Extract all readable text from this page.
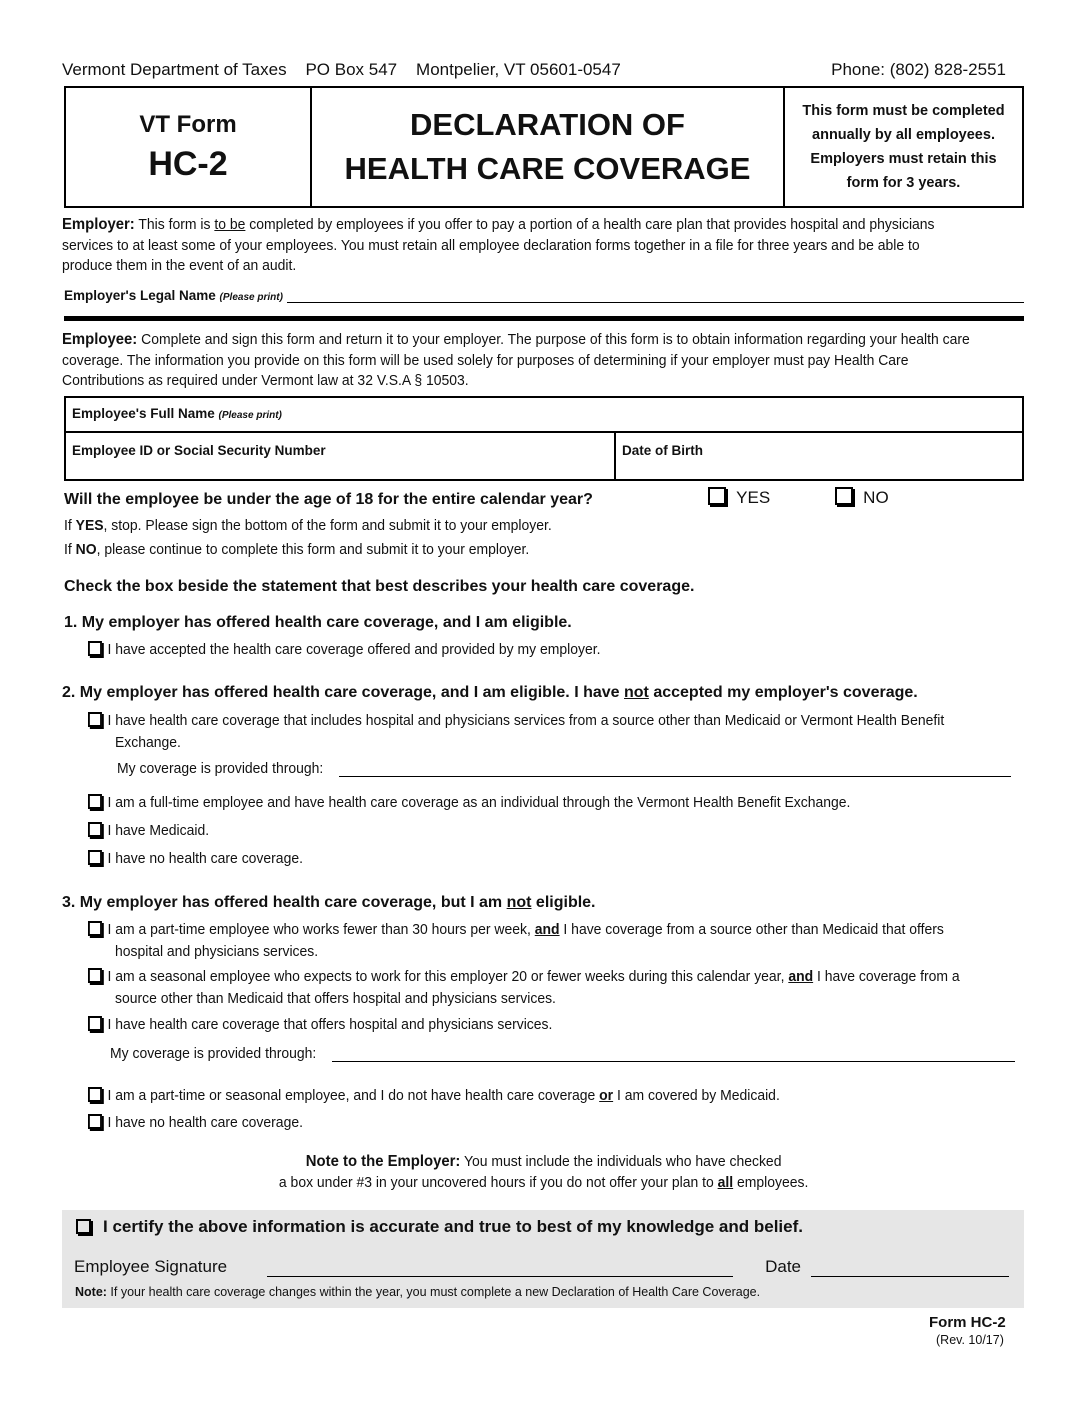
Vermont Department of Taxes    PO Box 547    Montpelier, VT 05601-0547	Phone: (802) 828-2551
VT Form
HC-2
DECLARATION OF
HEALTH CARE COVERAGE
This form must be completed annually by all employees. Employers must retain this form for 3 years.
Employer: This form is to be completed by employees if you offer to pay a portion of a health care plan that provides hospital and physicians services to at least some of your employees. You must retain all employee declaration forms together in a file for three years and be able to produce them in the event of an audit.
Employer's Legal Name
(Please print)
Employee: Complete and sign this form and return it to your employer. The purpose of this form is to obtain information regarding your health care coverage. The information you provide on this form will be used solely for purposes of determining if your employer must pay Health Care Contributions as required under Vermont law at 32 V.S.A § 10503.
Employee's Full Name (Please print)
Employee ID or Social Security Number	Date of Birth
Will the employee be under the age of 18 for the entire calendar year?	YES	NO
If YES, stop. Please sign the bottom of the form and submit it to your employer.
If NO, please continue to complete this form and submit it to your employer.
Check the box beside the statement that best describes your health care coverage.
1. My employer has offered health care coverage, and I am eligible.
I have accepted the health care coverage offered and provided by my employer.
2. My employer has offered health care coverage, and I am eligible. I have not accepted my employer's coverage.
I have health care coverage that includes hospital and physicians services from a source other than Medicaid or Vermont Health Benefit
Exchange.
My coverage is provided through:
I am a full-time employee and have health care coverage as an individual through the Vermont Health Benefit Exchange.
I have Medicaid.
I have no health care coverage.
3. My employer has offered health care coverage, but I am not eligible.
I am a part-time employee who works fewer than 30 hours per week, and I have coverage from a source other than Medicaid that offers
hospital and physicians services.
I am a seasonal employee who expects to work for this employer 20 or fewer weeks during this calendar year, and I have coverage from a
source other than Medicaid that offers hospital and physicians services.
I have health care coverage that offers hospital and physicians services.
My coverage is provided through:
I am a part-time or seasonal employee, and I do not have health care coverage or I am covered by Medicaid.
I have no health care coverage.
Note to the Employer: You must include the individuals who have checked
a box under #3 in your uncovered hours if you do not offer your plan to all employees.
I certify the above information is accurate and true to best of my knowledge and belief.
Employee Signature	Date
Note: If your health care coverage changes within the year, you must complete a new Declaration of Health Care Coverage.
Form HC-2
(Rev. 10/17)
